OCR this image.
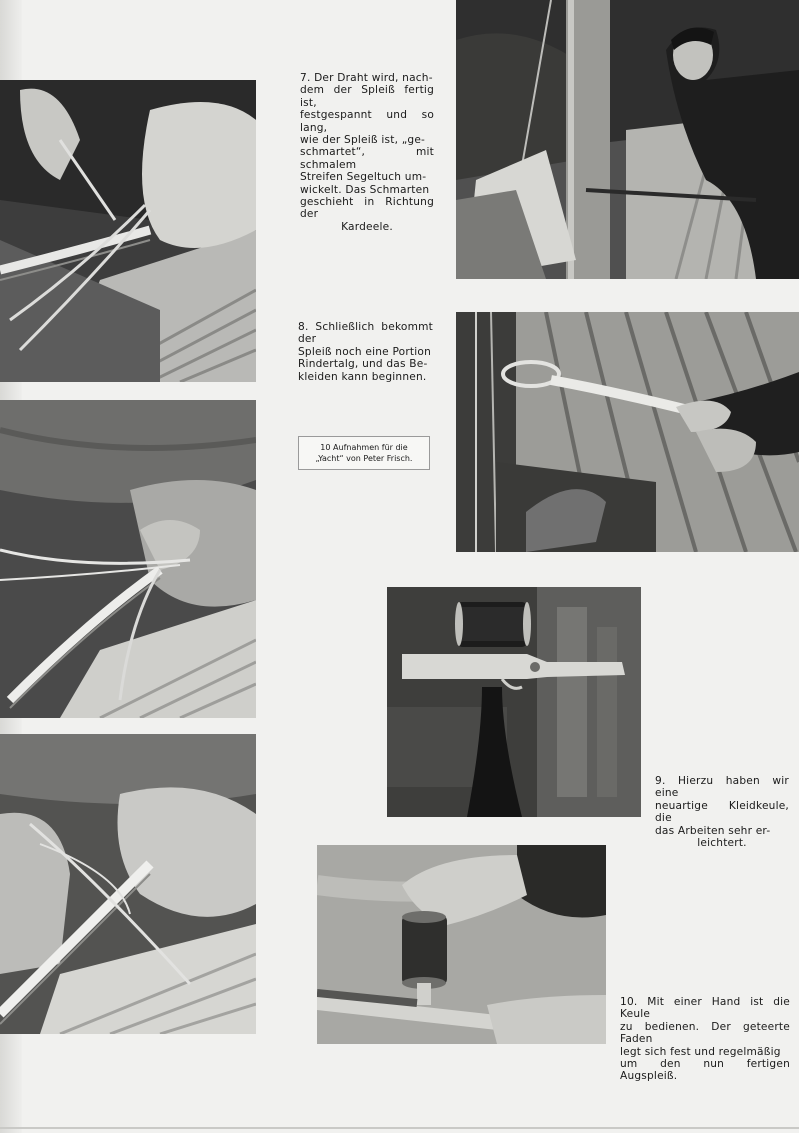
7. Der Draht wird, nach-
dem der Spleiß fertig ist,
festgespannt und so lang,
wie der Spleiß ist, „ge-
schmartet“, mit schmalem
Streifen Segeltuch um-
wickelt. Das Schmarten
geschieht in Richtung der
Kardeele.
8. Schließlich bekommt der
Spleiß noch eine Portion
Rindertalg, und das Be-
kleiden kann beginnen.
10 Aufnahmen für die
„Yacht“ von Peter Frisch.
9. Hierzu haben wir eine
neuartige Kleidkeule, die
das Arbeiten sehr er-
leichtert.
10. Mit einer Hand ist die Keule
zu bedienen. Der geteerte Faden
legt sich fest und regelmäßig
um den nun fertigen Augspleiß.
